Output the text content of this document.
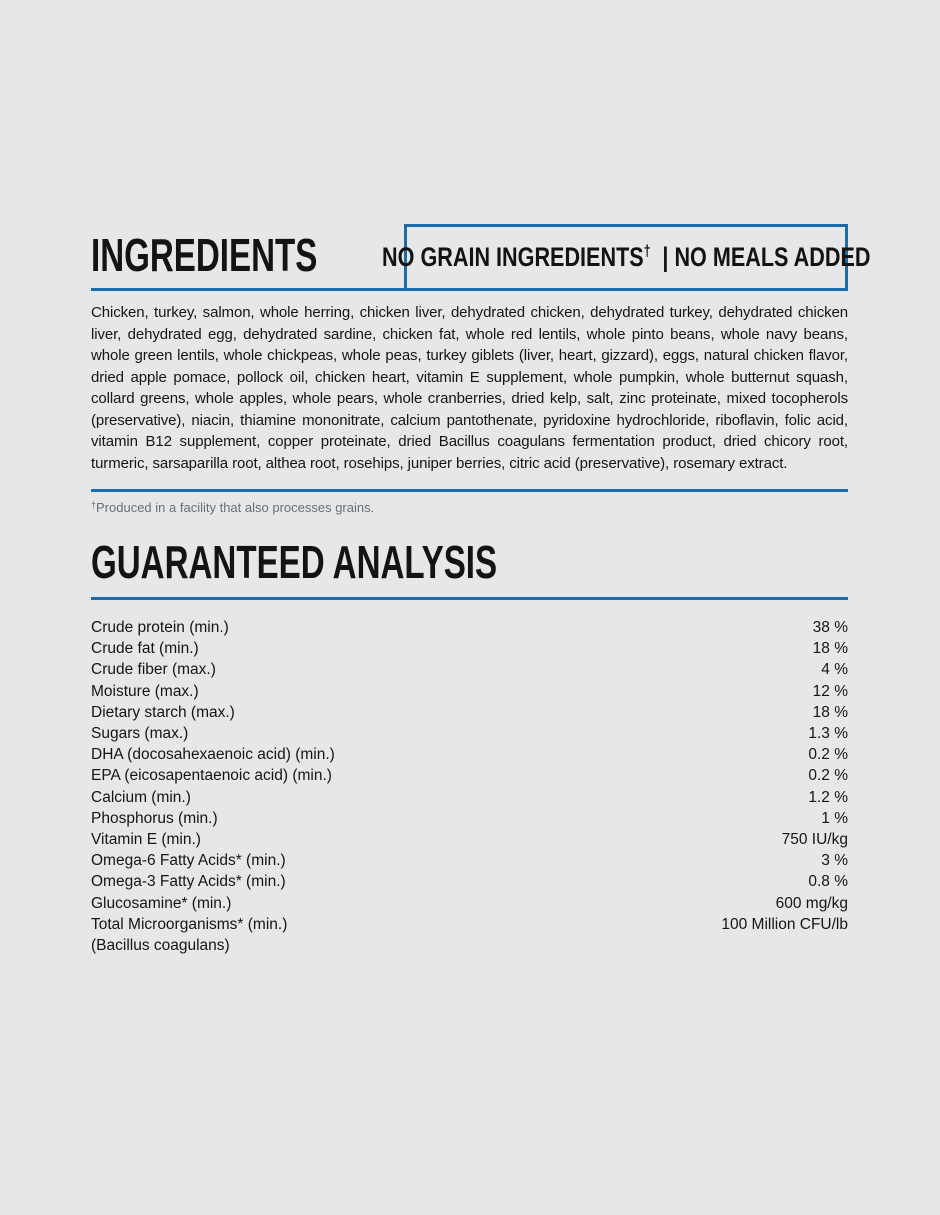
INGREDIENTS NO GRAIN INGREDIENTS† | NO MEALS ADDED

Chicken, turkey, salmon, whole herring, chicken liver, dehydrated chicken, dehydrated turkey, dehydrated chicken liver, dehydrated egg, dehydrated sardine, chicken fat, whole red lentils, whole pinto beans, whole navy beans, whole green lentils, whole chickpeas, whole peas, turkey giblets (liver, heart, gizzard), eggs, natural chicken flavor, dried apple pomace, pollock oil, chicken heart, vitamin E supplement, whole pumpkin, whole butternut squash, collard greens, whole apples, whole pears, whole cranberries, dried kelp, salt, zinc proteinate, mixed tocopherols (preservative), niacin, thiamine mononitrate, calcium pantothenate, pyridoxine hydrochloride, riboflavin, folic acid, vitamin B12 supplement, copper proteinate, dried Bacillus coagulans fermentation product, dried chicory root, turmeric, sarsaparilla root, althea root, rosehips, juniper berries, citric acid (preservative), rosemary extract.

†Produced in a facility that also processes grains.
GUARANTEED ANALYSIS
Crude protein (min.)	38 %
Crude fat (min.)	18 %
Crude fiber (max.)	4 %
Moisture (max.)	12 %
Dietary starch (max.)	18 %
Sugars (max.)	1.3 %
DHA (docosahexaenoic acid) (min.)	0.2 %
EPA (eicosapentaenoic acid) (min.)	0.2 %
Calcium (min.)	1.2 %
Phosphorus (min.)	1 %
Vitamin E (min.)	750 IU/kg
Omega-6 Fatty Acids* (min.)	3 %
Omega-3 Fatty Acids* (min.)	0.8 %
Glucosamine* (min.)	600 mg/kg
Total Microorganisms* (min.)	100 Million CFU/lb
(Bacillus coagulans)
